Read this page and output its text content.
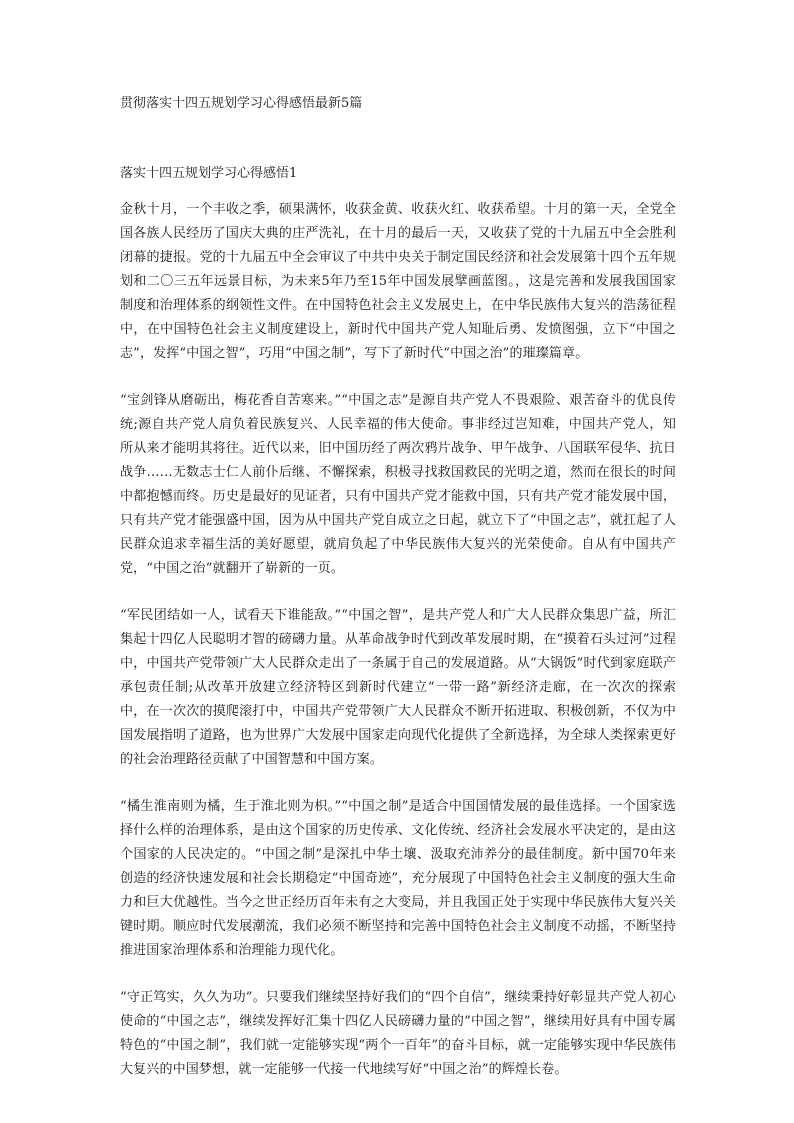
贯彻落实十四五规划学习心得感悟最新5篇
落实十四五规划学习心得感悟1

金秋十月，一个丰收之季，硕果满怀，收获金黄、收获火红、收获希望。十月的第一天，全党全国各族人民经历了国庆大典的庄严洗礼，在十月的最后一天，又收获了党的十九届五中全会胜利闭幕的捷报。党的十九届五中全会审议了中共中央关于制定国民经济和社会发展第十四个五年规划和二〇三五年远景目标，为未来5年乃至15年中国发展擘画蓝图。，这是完善和发展我国国家制度和治理体系的纲领性文件。在中国特色社会主义发展史上，在中华民族伟大复兴的浩荡征程中，在中国特色社会主义制度建设上，新时代中国共产党人知耻后勇、发愤图强，立下“中国之志”，发挥“中国之智”，巧用“中国之制”，写下了新时代“中国之治”的璀璨篇章。

“宝剑锋从磨砺出，梅花香自苦寒来。”“中国之志”是源自共产党人不畏艰险、艰苦奋斗的优良传统;源自共产党人肩负着民族复兴、人民幸福的伟大使命。事非经过岂知难，中国共产党人，知所从来才能明其将往。近代以来，旧中国历经了两次鸦片战争、甲午战争、八国联军侵华、抗日战争……无数志士仁人前仆后继、不懈探索，积极寻找救国救民的光明之道，然而在很长的时间中都抱憾而终。历史是最好的见证者，只有中国共产党才能救中国，只有共产党才能发展中国，只有共产党才能强盛中国，因为从中国共产党自成立之日起，就立下了“中国之志”，就扛起了人民群众追求幸福生活的美好愿望，就肩负起了中华民族伟大复兴的光荣使命。自从有中国共产党，“中国之治”就翻开了崭新的一页。

“军民团结如一人，试看天下谁能敌。”“中国之智”，是共产党人和广大人民群众集思广益，所汇集起十四亿人民聪明才智的磅礴力量。从革命战争时代到改革发展时期，在“摸着石头过河”过程中，中国共产党带领广大人民群众走出了一条属于自己的发展道路。从“大锅饭”时代到家庭联产承包责任制;从改革开放建立经济特区到新时代建立“一带一路”新经济走廊，在一次次的探索中，在一次次的摸爬滚打中，中国共产党带领广大人民群众不断开拓进取、积极创新，不仅为中国发展指明了道路，也为世界广大发展中国家走向现代化提供了全新选择，为全球人类探索更好的社会治理路径贡献了中国智慧和中国方案。

“橘生淮南则为橘，生于淮北则为枳。”“中国之制”是适合中国国情发展的最佳选择。一个国家选择什么样的治理体系，是由这个国家的历史传承、文化传统、经济社会发展水平决定的，是由这个国家的人民决定的。“中国之制”是深扎中华土壤、汲取充沛养分的最佳制度。新中国70年来创造的经济快速发展和社会长期稳定“中国奇迹”，充分展现了中国特色社会主义制度的强大生命力和巨大优越性。当今之世正经历百年未有之大变局，并且我国正处于实现中华民族伟大复兴关键时期。顺应时代发展潮流，我们必须不断坚持和完善中国特色社会主义制度不动摇，不断坚持推进国家治理体系和治理能力现代化。

“守正笃实，久久为功”。只要我们继续坚持好我们的“四个自信”，继续秉持好彰显共产党人初心使命的“中国之志”，继续发挥好汇集十四亿人民磅礴力量的“中国之智”，继续用好具有中国专属特色的“中国之制”，我们就一定能够实现“两个一百年”的奋斗目标，就一定能够实现中华民族伟大复兴的中国梦想，就一定能够一代接一代地续写好“中国之治”的辉煌长卷。
